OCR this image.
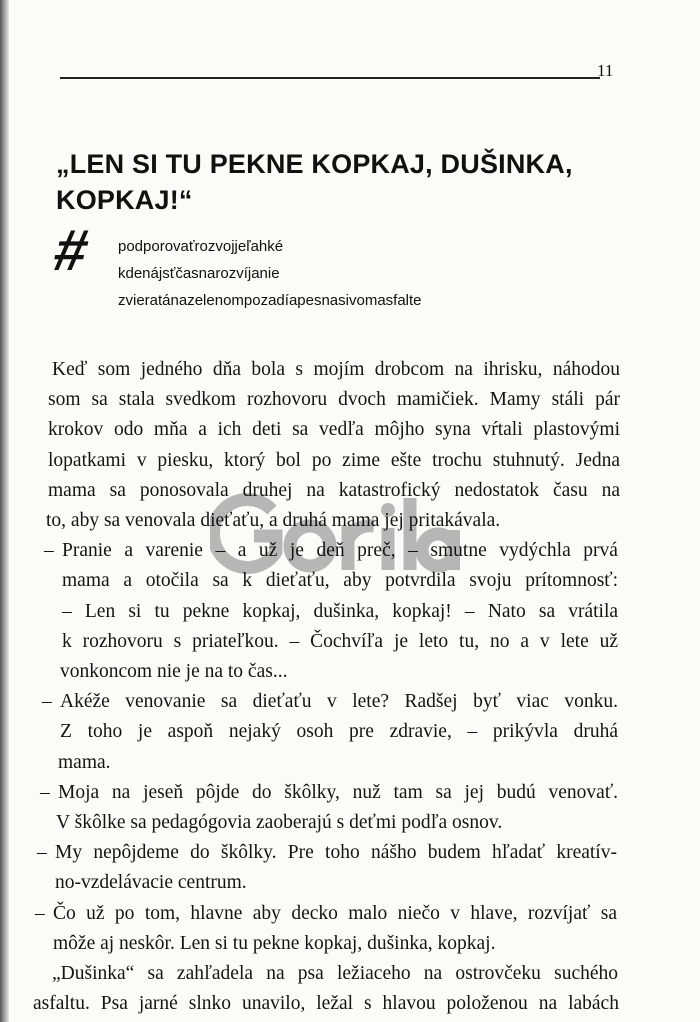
11
„LEN SI TU PEKNE KOPKAJ, DUŠINKA, KOPKAJ!“
# podporovaťrozvojjeľahké
kdenájsťčasnarozvíjanie
zvieratánazelenompozadíapesnasivomasfalte
Keď som jedného dňa bola s mojím drobcom na ihrisku, náhodou
som sa stala svedkom rozhovoru dvoch mamičiek. Mamy stáli pár
krokov odo mňa a ich deti sa vedľa môjho syna vŕtali plastovými
lopatkami v piesku, ktorý bol po zime ešte trochu stuhnutý. Jedna
mama sa ponosovala druhej na katastrofický nedostatok času na
to, aby sa venovala dieťaťu, a druhá mama jej pritakávala.
– Pranie a varenie – a už je deň preč, – smutne vydýchla prvá
mama a otočila sa k dieťaťu, aby potvrdila svoju prítomnosť:
– Len si tu pekne kopkaj, dušinka, kopkaj! – Nato sa vrátila
k rozhovoru s priateľkou. – Čochvíľa je leto tu, no a v lete už
vonkoncom nie je na to čas...
– Akéže venovanie sa dieťaťu v lete? Radšej byť viac vonku.
Z toho je aspoň nejaký osoh pre zdravie, – prikývla druhá
mama.
– Moja na jeseň pôjde do škôlky, nuž tam sa jej budú venovať.
V škôlke sa pedagógovia zaoberajú s deťmi podľa osnov.
– My nepôjdeme do škôlky. Pre toho nášho budem hľadať kreatív-
no-vzdelávacie centrum.
– Čo už po tom, hlavne aby decko malo niečo v hlave, rozvíjať sa
môže aj neskôr. Len si tu pekne kopkaj, dušinka, kopkaj.
„Dušinka“ sa zahľadela na psa ležiaceho na ostrovčeku suchého
asfaltu. Psa jarné slnko unavilo, ležal s hlavou položenou na labách
